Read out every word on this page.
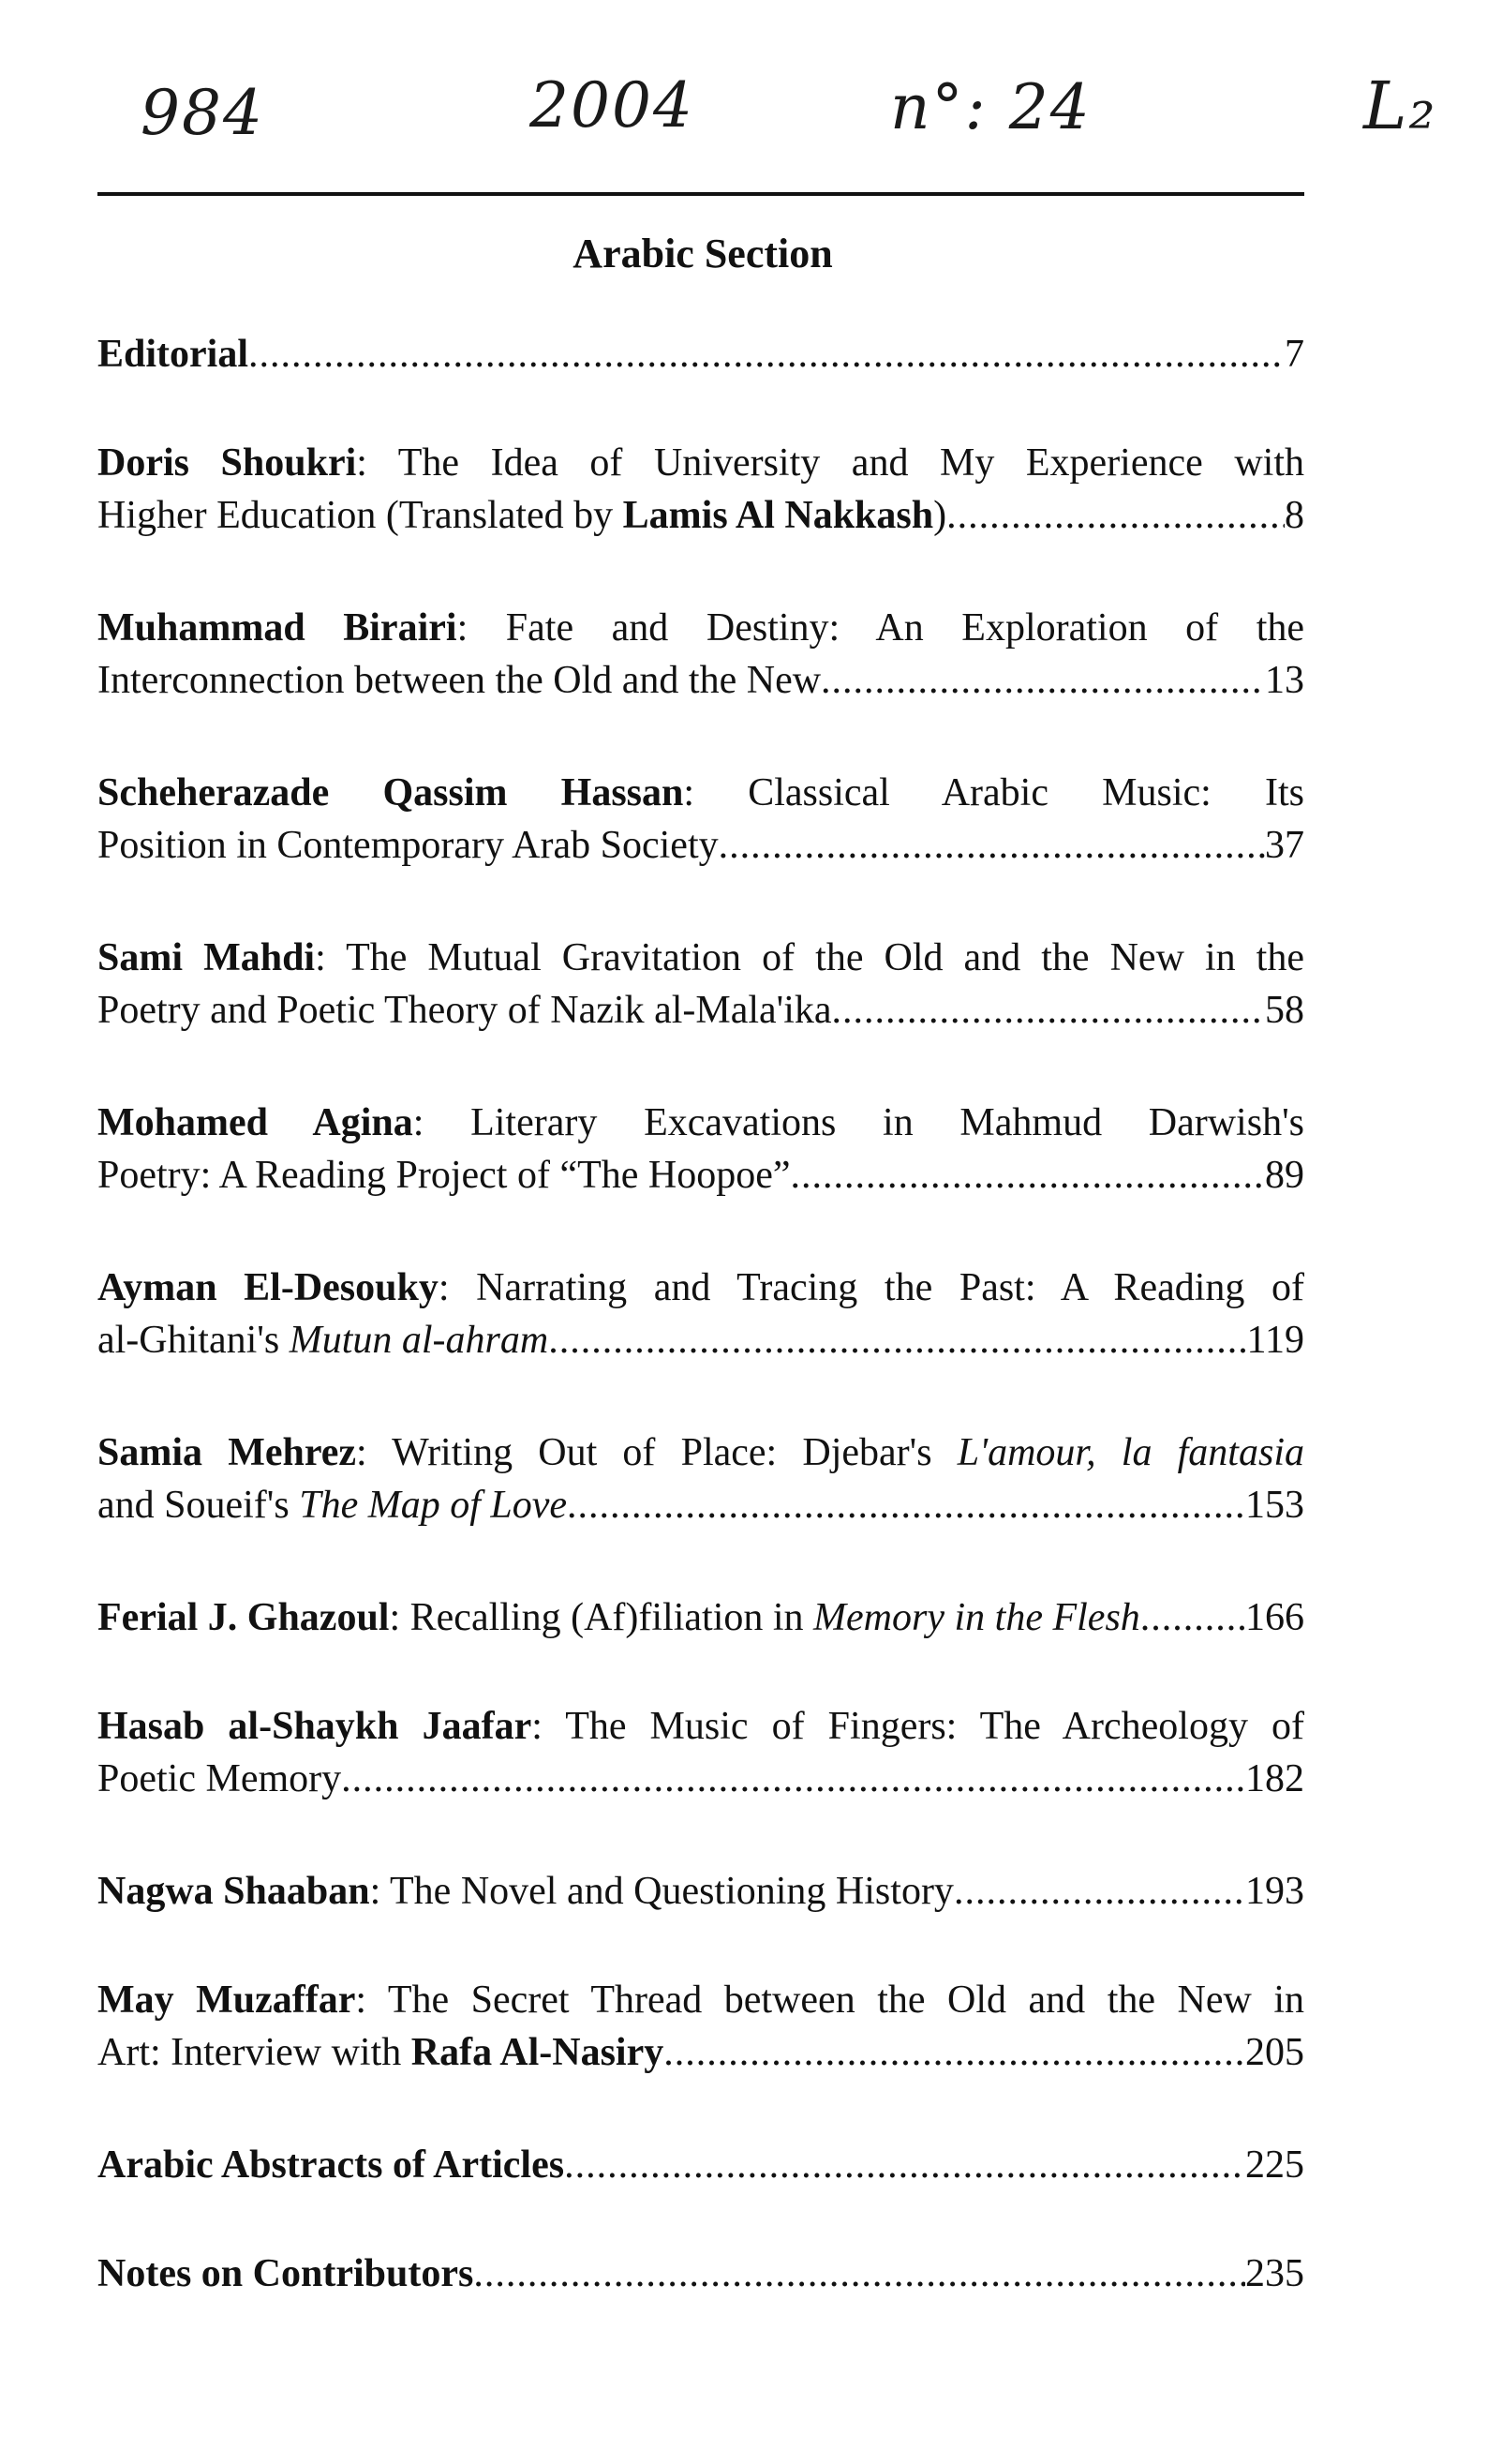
984	2004	n°: 24	L₂
Arabic Section
Editorial .....	7
Doris Shoukri: The Idea of University and My Experience with
Higher Education (Translated by Lamis Al Nakkash) .....	8
Muhammad Birairi: Fate and Destiny: An Exploration of the
Interconnection between the Old and the New .....	13
Scheherazade Qassim Hassan: Classical Arabic Music: Its
Position in Contemporary Arab Society .....	37
Sami Mahdi: The Mutual Gravitation of the Old and the New in the
Poetry and Poetic Theory of Nazik al-Mala'ika .....	58
Mohamed Agina: Literary Excavations in Mahmud Darwish's
Poetry: A Reading Project of “The Hoopoe” .....	89
Ayman El-Desouky: Narrating and Tracing the Past: A Reading of
al-Ghitani's Mutun al-ahram .....	119
Samia Mehrez: Writing Out of Place: Djebar's L'amour, la fantasia
and Soueif's The Map of Love .....	153
Ferial J. Ghazoul: Recalling (Af)filiation in Memory in the Flesh .....	166
Hasab al-Shaykh Jaafar: The Music of Fingers: The Archeology of
Poetic Memory .....	182
Nagwa Shaaban: The Novel and Questioning History .....	193
May Muzaffar: The Secret Thread between the Old and the New in
Art: Interview with Rafa Al-Nasiry .....	205
Arabic Abstracts of Articles .....	225
Notes on Contributors .....	235
